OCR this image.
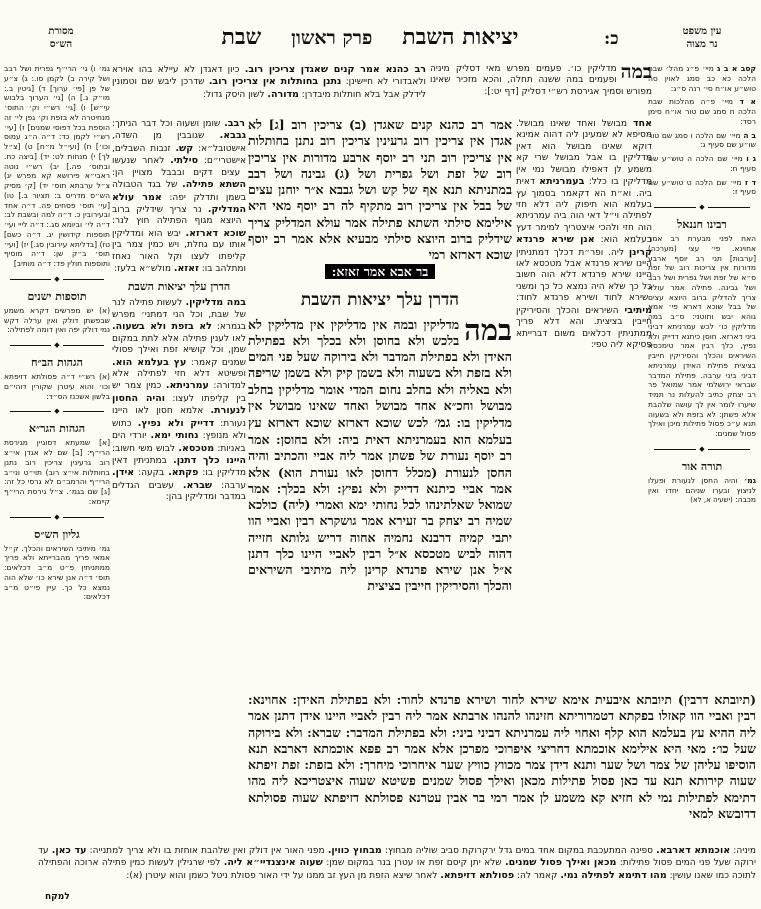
עין משפט
נר מצוה
כ:
יציאות השבת
פרק ראשון
שבת
מסורת
הש״ס
רב כהנא אמר קנים שאגדן צריכין רוב. כיון דאגדן לא עיילא בהו אוירא ולאבדורי לא חיישינן: נתנן בחותלות אין צריכין רוב. שדרכן ליבש שם וטמונין לידלק אבל בלא חותלות מיבדרן: מדורה. לשון היסק גדול:
במה
מדליקין כו׳. פעמים מפרש מאי דסליק מיניה ופעמים במה ששנה תחלה, והכא מזכיר שאינו מפורש וסמיך אגירסת רש״י דסליק [דף יט:]:
גמ׳ ו) גי׳ הרי״ף גפרית ושל רבב ושל קירה ב) לקמן סו.: ג) צ״ע של פן [פי׳ ערוך] ד) [גיטין ב.: מו״ק ג.] ה) [גי׳ הערוך בלבוש עי״ש] ו) [גי׳ רש״י וק׳ התוס׳ מנחיטרה לא בזפת וק׳ גפן לי׳ זה הוספת בכל דפוסי שמנים] ז) [עי׳ רש״י לקמן כד: ד״ה ה״ג עמוס וכו׳] ח) [ועי״ל מ״ח] ט) [צ״ל לך] י) מנחות לט: יד) [ביצה כח. ובתוס׳ פה.] יב) רש״י נוטה ראבי״א פירושא קא מפרש יג) צ״ל ערבתא תוס׳ יד) [ק׳ מסיק הש״ס מדריס ב: תציור ב.] טו) [עי׳ תוס׳ פסחים פה. ד״ה אחד ובעירובין כ. ד״ה למה ובשבת לב: ד״ה לי׳ וביומא סג.: ד״ה לייי ועי׳ תוספות קידושין יג. ד״ה כשם] טז) [בדליתא עירובין סג.] יז) [ועי׳ תוס׳ ב״ק שן: ד״ה מוסיף ותוספות חולין פד: ד״ה מותיב]
◆
תוספות ישנים
(א) יש מפרשים דקרא משמע שבפשתן דולק ואין ערלה דקש נמי דולק יפה ואין דומה לפתילה:
◆
הגהות הב״ח
(א) רש״י ד״ה פסולתא דזיפתא וכו׳ והוא עיטרן שקורין דוהי״ם בלשון אשכנז הס״ד:
◆
הגהות הגר״א
[א] שמעתא דסוגיין מגירסת הרי״ף: [ב] שם לא אגדן אי״צ רוב גרעינין צריכין רוב נתנן בחותלות אי״צ רוב) תוי״ט וני״ב הרי״ף והרמב״ם לא גרסי כל זה: [ג] שם בגמ׳. צ״ל גירסת הרי״ף קיימא:
◆
גליון הש״ס
גמ׳ מיתיבי השיראים והכלך. ק״ל אמאי פריך מהברייתא ולא פריך ממתניתין פ״ט מ״ב דכלאים: תוס׳ ד״ה אנן שירא כו׳ שלא הוה נמצא כל כך. עיין פי״ט מ״ב דכלאים:
רבב. שומן ושעוה וכל דבר הניתך: גבבא. שגובבין מן השדה, אישטובל״א: קש. זנבות השבלים, אישטרי״ם: סילתי. לאחר שנעשו עצים דקים ובבבל מצויין הן: השתא פתילה. של בגד הטבולה בשמן ותדלק יפה: אמר עולא המדליק. נר צריך שידליק ברוב היוצא מגוף הפתילה חוץ לנר: שוכא דארזא. יבש הוא ומדליקין אותו עם גחלת, ויש כמין צמר בין קליפתו לעצו וקל האור נאחז ומתלהב בו: זאזא. מולש״א בלעז:
הדרן עלך יציאות השבת
במה מדליקין. לעשות פתילה לנר של שבת, וכל הני דמתני׳ מפרש בגמרא: לא בזפת ולא בשעוה. לאו לענין פתילה אלא לתת במקום שמן, וכל קושיא זפת ואילך פסולי שמנים קאמר: עץ בעלמא הוא. ופשיטא דלא חזי לפתילה אלא למדורה: עמרניתא. כמין צמר יש בין קליפתו לעצו: והיה החסון לנעורת. אלמא חסון לאו היינו נעורת: דדייק ולא נפיץ. כתוש ולא מנופץ: נחותי ימא. יורדי הים באניות: מטכסא. לבוש משי חשוב: היינו כלך דתנן. במתניתין דאין מדליקין בו: פקתא. בקעה: אידן. ערבה: שברא. עשבים הגדלים במדבר ומדליקין בהן:
אמר רב כהנא קנים שאגדן (ב) צריכין רוב [ג] לא אגדן אין צריכין רוב גרעינין צריכין רוב נתנן בחותלות אין צריכין רוב תני רב יוסף ארבע מדורות אין צריכין רוב של זפת ושל גפרית ושל (ג) גבינה ושל רבב במתניתא תנא אף של קש ושל גבבא א״ר יוחנן עצים של בבל אין צריכין רוב מתקיף לה רב יוסף מאי היא אילימא סילתי השתא פתילה אמר עולא המדליק צריך שידליק ברוב היוצא סילתי מבעיא אלא אמר רב יוסף שוכא דארזא רמי
בר אבא אמר זאזא:
הדרן עלך יציאות השבת
במה
מדליקין ובמה אין מדליקין אין מדליקין לא בלכש ולא בחוסן ולא בכלך ולא בפתילת האידן ולא בפתילת המדבר ולא בירוקה שעל פני המים ולא בזפת ולא בשעוה ולא בשמן קיק ולא בשמן שריפה ולא באליה ולא בחלב נחום המדי אומר מדליקין בחלב מבושל וחכ״א אחד מבושל ואחד שאינו מבושל אין מדליקין בו: גמ׳ לכש שוכא דארזא שוכא דארזא עץ בעלמא הוא בעמרניתא דאית ביה: ולא בחוסן: אמר רב יוסף נעורת של פשתן אמר ליה אביי והכתיב והיה החסן לנעורת (מכלל דחוסן לאו נעורת הוא) אלא אמר אביי כיתנא דדייק ולא נפיץ: ולא בכלך: אמר שמואל שאלתינהו לכל נחותי ימא ואמרי (ליה) כולכא שמיה רב יצחק בר זעירא אמר גושקרא רבין ואביי הוו יתבי קמיה דרבנא נחמיה אחוה דריש גלותא חזייה דהוה לביש מטכסא א״ל רבין לאביי היינו כלך דתנן א״ל אנן שירא פרנדא קרינן ליה מיתיבי השיראים והכלך והסיריקין חייבין בציצית
(תיובתא דרבין) תיובתא איבעית אימא שירא לחוד ושירא פרנדא לחוד: ולא בפתילת האידן: אחוינא: רבין ואביי הוו קאזלו בפקתא דטמרוריתא חזינהו להנהו ארבתא אמר ליה רבין לאביי היינו אידן דתנן אמר ליה ההיא עץ בעלמא הוא קלף ואחוי ליה עמרניתא דביני ביני: ולא בפתילת המדבר: שברא: ולא בירוקה שעל כו׳: מאי היא אילימא אוכמתא דחריצי איפרוכי מפרכן אלא אמר רב פפא אוכמתא דארבא תנא הוסיפו עליהן של צמר ושל שער ותנא דידן צמר מכווץ כוויץ שער איחרוכי מיחרך: ולא בזפת: זפת זיפתא שעוה קירותא תנא עד כאן פסול פתילות מכאן ואילך פסול שמנים פשיטא שעוה איצטריכא ליה מהו דתימא לפתילות נמי לא חזיא קא משמע לן אמר רמי בר אבין עטרנא פסולתא דזיפתא שעוה פסולתא דדובשא למאי
אחד מבושל ואחד שאינו מבושל. מסיפא לא שמעינן ליה דהוה אמינא דוקא שאינו מבושל הוא דאין מדליקין בו אבל מבושל שרי קא משמע לן דאפילו מבושל נמי אין מדליקין בו כלל: בעמרניתא דאית ביה. וא״ת הא דקאמר בסמוך עץ בעלמא הוא תיפוק ליה דלא חזי לפתילה וי״ל דאי הוה ביה עמרניתא הוה חזי ולהכי איצטריך למימר דעץ בעלמא הוא: אנן שירא פרנדא קרינן ליה. ופר״ת דכלך דמתניתין היינו שירא פרנדא אבל מטכסא לאו היינו שירא פרנדא דלא הוה חשוב כל כך שלא היה נמצא כל כך ומשני שירא לחוד ושירא פרנדא לחוד: מיתיבי השיראים והכלך והסיריקין חייבין בציצית. והא דלא פריך ממתניתין דכלאים משום דברייתא פסיקא ליה טפי:
קסב א ב ג מיי׳ פ״ג מהל׳ שבת הלכה כא כב סמג לאוין סה טוש״ע או״ח סי׳ רנה ס״ג:
א ד מיי׳ פ״ה מהלכות שבת הלכה ח סמג שם טור או״ח סימן רסד:
ב ה מיי׳ שם הלכה ו סמג שם טור שו״ע שם סעיף ג:
ג ו מיי׳ שם הלכה ה טוש״ע שם סעיף ח:
ד ז מיי׳ שם הלכה ט טוש״ע שם סעיף ז:
◆
רבינו חננאל
האח לפני מבערת רב אמר אחוינא. פי׳ עצי (מערכה) [ערבות] תני רב יוסף ארבע מדורות אין צריכות רוב של זפת ס״א של זפת ושל גפרית ושל רבב ושל גבינה. פתילה אמר עולא צריך להדליק ברוב היוצא עצים של בבל שוכא דארא פי׳ אמא גוהא יבש וחוטני: ס״ב במה מדליקין כו׳ לכש עמרניתא דביני ביני דארזא. חוסן כיתנא דדייק ולא נפיץ, כלך רבין אמר טימכסא השיראים והכלך והסיריקין חייבין בציצית פתילת האידן עמרניתא דביני ביני ערבה. פתילת המדבר שבראי ירושלמי אמר שמואל פר רב יצחק כתיב להעלות נר תמיד שיערו לומר אין לך עושה שלהבת אלא פשתן: לא בזפת ולא בשעוה תנא ע״כ פסול פתילות מיכן ואילך פסול שמנים:
◆
תורה אור
גמ׳ והיה החסן לנעורת ופעלו לניצוץ ובערו שניהם יחדו ואין מכבה: (ישעיה א, לא)
מיניה: אוכמתא דארבא. ספינה המתעכבת במקום אחד במים גדל ירקרוקת סביב שוליה מבחוץ: מבחוץ כווין. מפני האור אין דולק ואין שלהבת אוחזת בו ולא צריך למתנייה: עד כאן. עד ירוקה שעל פני המים פסול פתילות: מכאן ואילך פסול שמנים. שלא יתן קיסם זפת או עטרן בנר במקום שמן: שעוה אינצנדיי״א ליה. לפי שרגילין לעשות כמין פתילה ארוכה והפתילה לתוכה כמו שאנו עושין: מהו דתימא לפתילה נמי. קאמר לה: פסולתא דזיפתא. לאחר שיצא הזפת מן העץ זב ממנו על ידי האור פסולת ניטל כשמן והוא עיטרן (א):
למקח
